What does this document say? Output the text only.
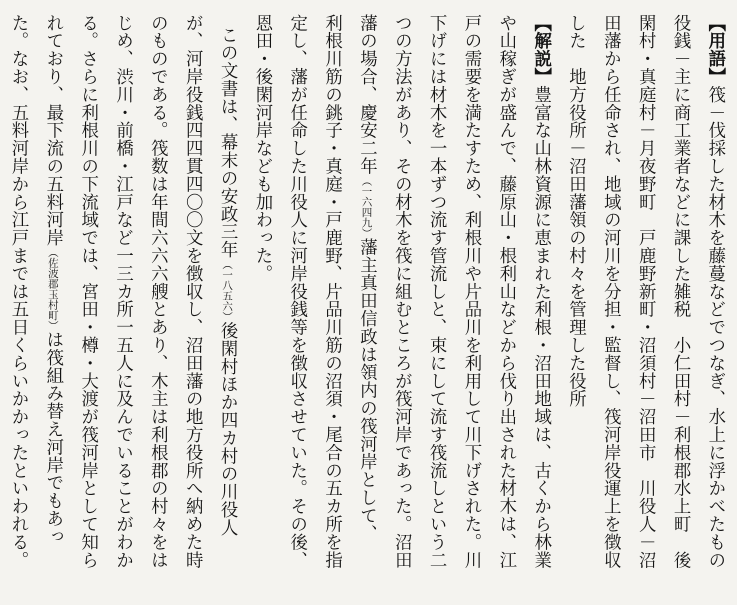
【用語】筏－伐採した材木を藤蔓などでつなぎ、水上に浮かべたもの
役銭－主に商工業者などに課した雑税　小仁田村－利根郡水上町　後
閑村・真庭村－月夜野町　戸鹿野新町・沼須村－沼田市　川役人－沼
田藩から任命され、地域の河川を分担・監督し、筏河岸役運上を徴収
した　地方役所－沼田藩領の村々を管理した役所
【解説】豊富な山林資源に恵まれた利根・沼田地域は、古くから林業
や山稼ぎが盛んで、藤原山・根利山などから伐り出された材木は、江
戸の需要を満たすため、利根川や片品川を利用して川下げされた。川
下げには材木を一本ずつ流す管流しと、束にして流す筏流しという二
つの方法があり、その材木を筏に組むところが筏河岸であった。沼田
藩の場合、慶安二年（一六四九）藩主真田信政は領内の筏河岸として、
利根川筋の銚子・真庭・戸鹿野、片品川筋の沼須・尾合の五カ所を指
定し、藩が任命した川役人に河岸役銭等を徴収させていた。その後、
恩田・後閑河岸なども加わった。
この文書は、幕末の安政三年（一八五六）後閑村ほか四カ村の川役人
が、河岸役銭四四貫四〇〇文を徴収し、沼田藩の地方役所へ納めた時
のものである。筏数は年間六六六艘とあり、木主は利根郡の村々をは
じめ、渋川・前橋・江戸など一三カ所一五人に及んでいることがわか
る。さらに利根川の下流域では、宮田・樽・大渡が筏河岸として知ら
れており、最下流の五料河岸（佐波郡玉村町）は筏組み替え河岸でもあっ
た。なお、五料河岸から江戸までは五日くらいかかったといわれる。
